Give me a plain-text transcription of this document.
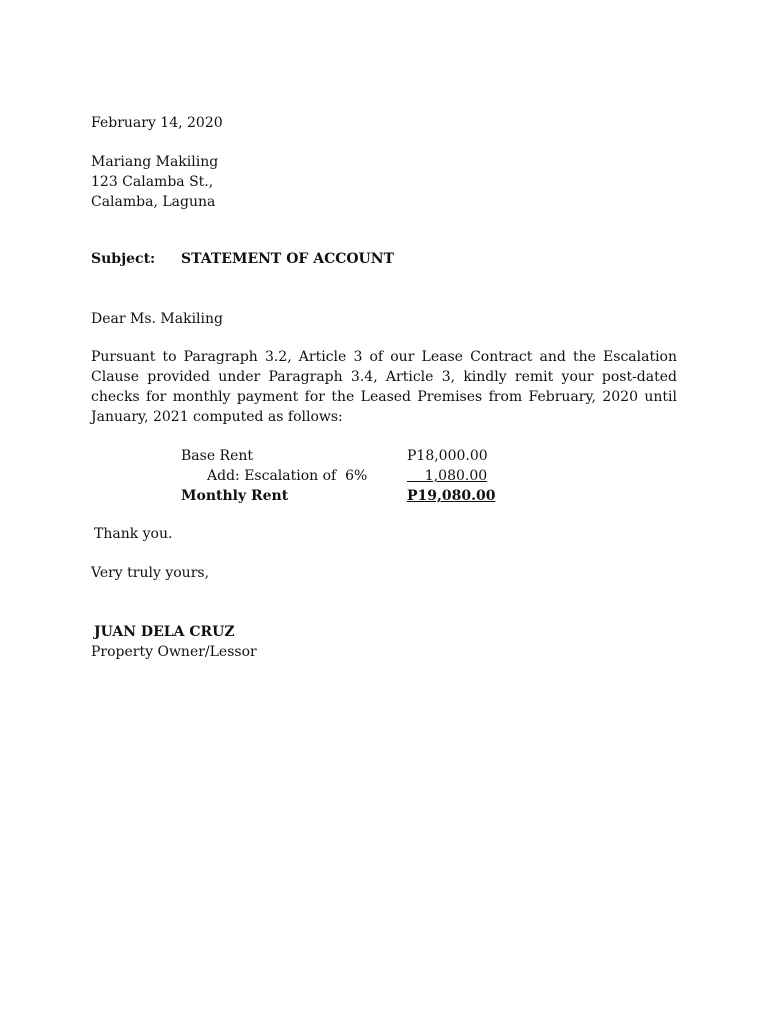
February 14, 2020
Mariang Makiling
123 Calamba St.,
Calamba, Laguna
Subject: STATEMENT OF ACCOUNT
Dear Ms. Makiling
Pursuant to Paragraph 3.2, Article 3 of our Lease Contract and the Escalation Clause provided under Paragraph 3.4, Article 3, kindly remit your post-dated checks for monthly payment for the Leased Premises from February, 2020 until January, 2021 computed as follows:
Base Rent	P18,000.00
Add: Escalation of  6%	1,080.00
Monthly Rent	P19,080.00
Thank you.
Very truly yours,
JUAN DELA CRUZ
Property Owner/Lessor
